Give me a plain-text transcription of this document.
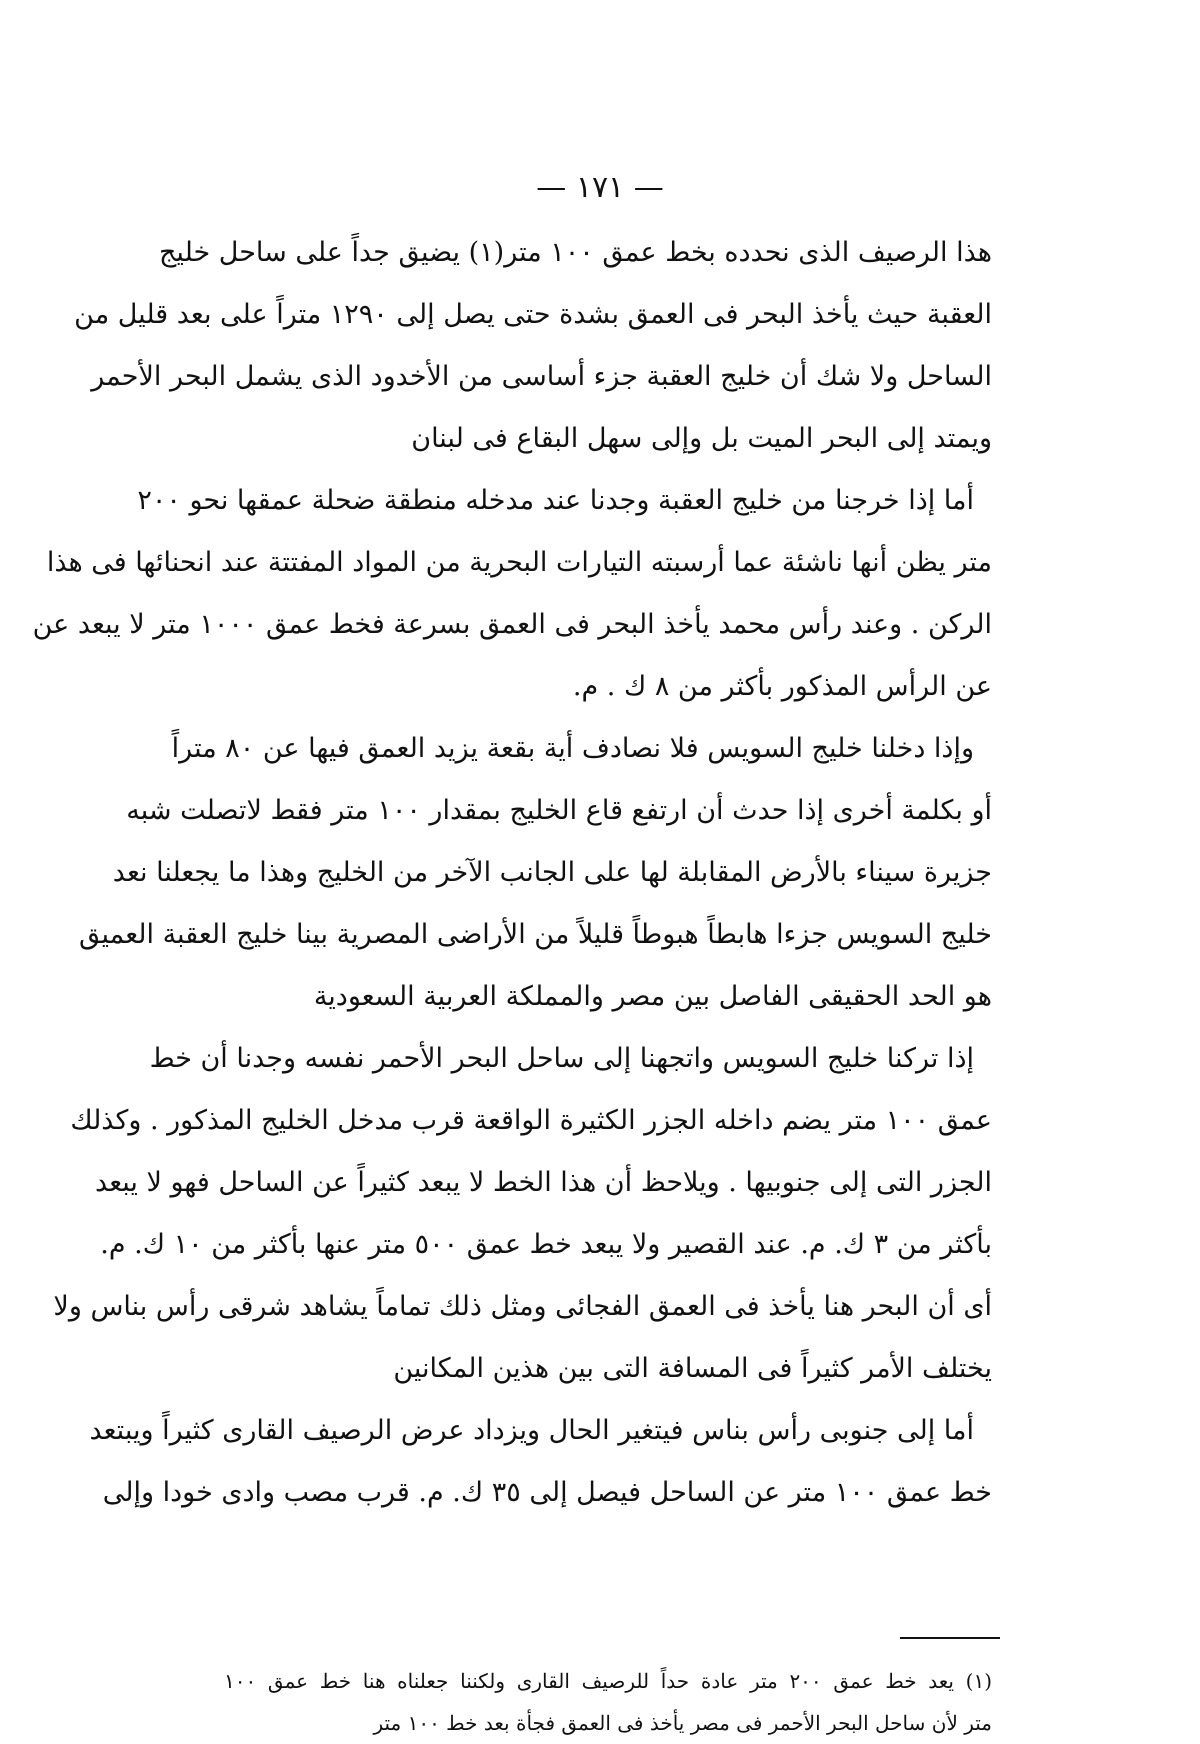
— ١٧١ —
هذا الرصيف الذى نحدده بخط عمق ١٠٠ متر(١) يضيق جداً على ساحل خليج
العقبة حيث يأخذ البحر فى العمق بشدة حتى يصل إلى ١٢٩٠ متراً على بعد قليل من
الساحل ولا شك أن خليج العقبة جزء أساسى من الأخدود الذى يشمل البحر الأحمر
ويمتد إلى البحر الميت بل وإلى سهل البقاع فى لبنان
أما إذا خرجنا من خليج العقبة وجدنا عند مدخله منطقة ضحلة عمقها نحو ٢٠٠
متر يظن أنها ناشئة عما أرسبته التيارات البحرية من المواد المفتتة عند انحنائها فى هذا
الركن . وعند رأس محمد يأخذ البحر فى العمق بسرعة فخط عمق ١٠٠٠ متر لا يبعد عن
عن الرأس المذكور بأكثر من ٨ ك . م.
وإذا دخلنا خليج السويس فلا نصادف أية بقعة يزيد العمق فيها عن ٨٠ متراً
أو بكلمة أخرى إذا حدث أن ارتفع قاع الخليج بمقدار ١٠٠ متر فقط لاتصلت شبه
جزيرة سيناء بالأرض المقابلة لها على الجانب الآخر من الخليج وهذا ما يجعلنا نعد
خليج السويس جزءا هابطاً هبوطاً قليلاً من الأراضى المصرية بينا خليج العقبة العميق
هو الحد الحقيقى الفاصل بين مصر والمملكة العربية السعودية
إذا تركنا خليج السويس واتجهنا إلى ساحل البحر الأحمر نفسه وجدنا أن خط
عمق ١٠٠ متر يضم داخله الجزر الكثيرة الواقعة قرب مدخل الخليج المذكور . وكذلك
الجزر التى إلى جنوبيها . ويلاحظ أن هذا الخط لا يبعد كثيراً عن الساحل فهو لا يبعد
بأكثر من ٣ ك. م. عند القصير ولا يبعد خط عمق ٥٠٠ متر عنها بأكثر من ١٠ ك. م.
أى أن البحر هنا يأخذ فى العمق الفجائى ومثل ذلك تماماً يشاهد شرقى رأس بناس ولا
يختلف الأمر كثيراً فى المسافة التى بين هذين المكانين
أما إلى جنوبى رأس بناس فيتغير الحال ويزداد عرض الرصيف القارى كثيراً ويبتعد
خط عمق ١٠٠ متر عن الساحل فيصل إلى ٣٥ ك. م. قرب مصب وادى خودا وإلى
(١) يعد خط عمق ٢٠٠ متر عادة حداً للرصيف القارى ولكننا جعلناه هنا خط عمق ١٠٠
متر لأن ساحل البحر الأحمر فى مصر يأخذ فى العمق فجأة بعد خط ١٠٠ متر
